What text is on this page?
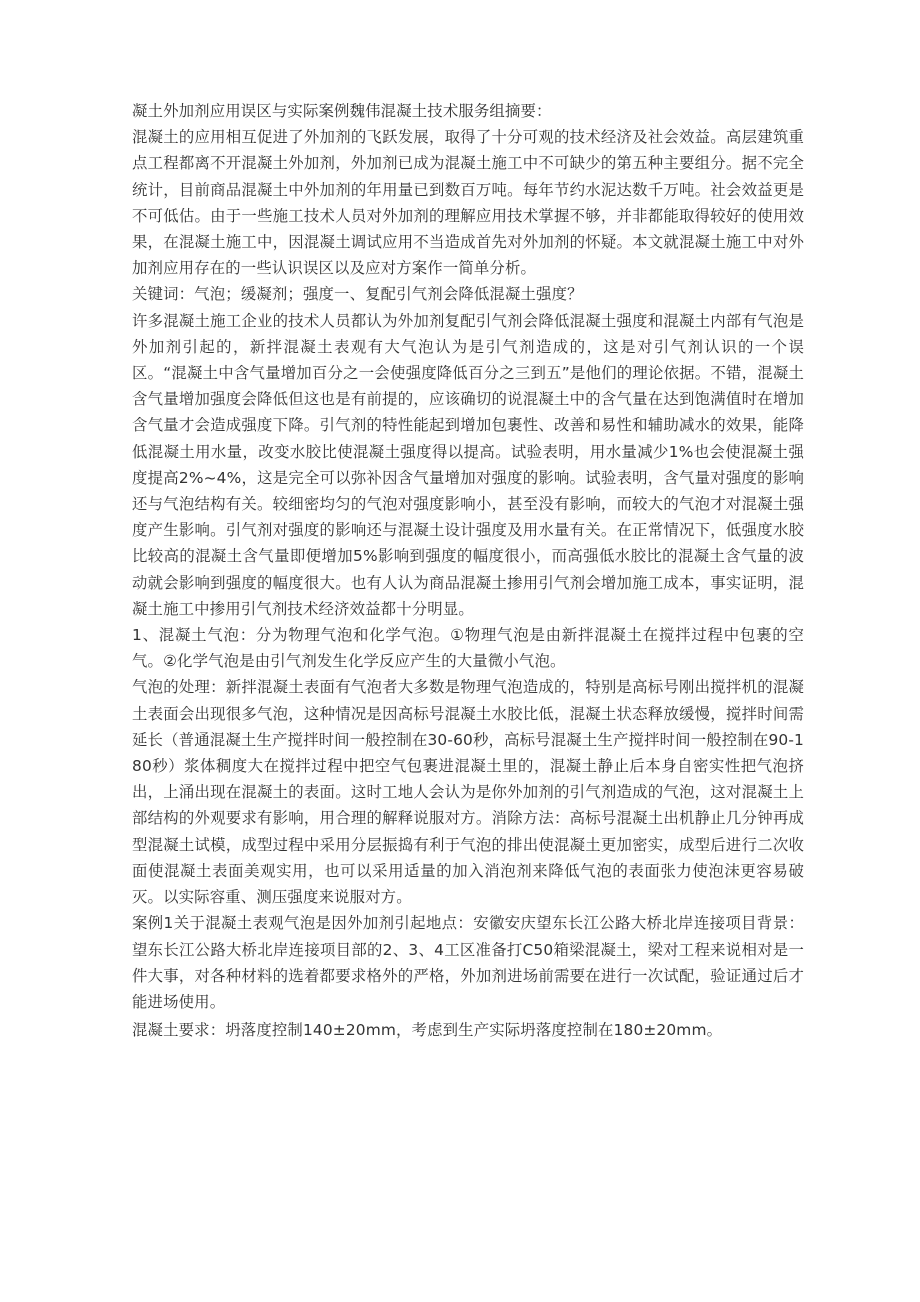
凝土外加剂应用误区与实际案例魏伟混凝土技术服务组摘要：

混凝土的应用相互促进了外加剂的飞跃发展，取得了十分可观的技术经济及社会效益。高层建筑重点工程都离不开混凝土外加剂，外加剂已成为混凝土施工中不可缺少的第五种主要组分。据不完全统计，目前商品混凝土中外加剂的年用量已到数百万吨。每年节约水泥达数千万吨。社会效益更是不可低估。由于一些施工技术人员对外加剂的理解应用技术掌握不够，并非都能取得较好的使用效果，在混凝土施工中，因混凝土调试应用不当造成首先对外加剂的怀疑。本文就混凝土施工中对外加剂应用存在的一些认识误区以及应对方案作一简单分析。

关键词：气泡；缓凝剂；强度一、复配引气剂会降低混凝土强度？

许多混凝土施工企业的技术人员都认为外加剂复配引气剂会降低混凝土强度和混凝土内部有气泡是外加剂引起的，新拌混凝土表观有大气泡认为是引气剂造成的，这是对引气剂认识的一个误区。“混凝土中含气量增加百分之一会使强度降低百分之三到五”是他们的理论依据。不错，混凝土含气量增加强度会降低但这也是有前提的，应该确切的说混凝土中的含气量在达到饱满值时在增加含气量才会造成强度下降。引气剂的特性能起到增加包裹性、改善和易性和辅助减水的效果，能降低混凝土用水量，改变水胶比使混凝土强度得以提高。试验表明，用水量减少1%也会使混凝土强度提高2%~4%，这是完全可以弥补因含气量增加对强度的影响。试验表明，含气量对强度的影响还与气泡结构有关。较细密均匀的气泡对强度影响小，甚至没有影响，而较大的气泡才对混凝土强度产生影响。引气剂对强度的影响还与混凝土设计强度及用水量有关。在正常情况下，低强度水胶比较高的混凝土含气量即便增加5%影响到强度的幅度很小，而高强低水胶比的混凝土含气量的波动就会影响到强度的幅度很大。也有人认为商品混凝土掺用引气剂会增加施工成本，事实证明，混凝土施工中掺用引气剂技术经济效益都十分明显。

1、混凝土气泡：分为物理气泡和化学气泡。①物理气泡是由新拌混凝土在搅拌过程中包裹的空气。②化学气泡是由引气剂发生化学反应产生的大量微小气泡。

气泡的处理：新拌混凝土表面有气泡者大多数是物理气泡造成的，特别是高标号刚出搅拌机的混凝土表面会出现很多气泡，这种情况是因高标号混凝土水胶比低，混凝土状态释放缓慢，搅拌时间需延长（普通混凝土生产搅拌时间一般控制在30-60秒，高标号混凝土生产搅拌时间一般控制在90-180秒）浆体稠度大在搅拌过程中把空气包裹进混凝土里的，混凝土静止后本身自密实性把气泡挤出，上涌出现在混凝土的表面。这时工地人会认为是你外加剂的引气剂造成的气泡，这对混凝土上部结构的外观要求有影响，用合理的解释说服对方。消除方法：高标号混凝土出机静止几分钟再成型混凝土试模，成型过程中采用分层振捣有利于气泡的排出使混凝土更加密实，成型后进行二次收面使混凝土表面美观实用，也可以采用适量的加入消泡剂来降低气泡的表面张力使泡沫更容易破灭。以实际容重、测压强度来说服对方。

案例1关于混凝土表观气泡是因外加剂引起地点：安徽安庆望东长江公路大桥北岸连接项目背景：望东长江公路大桥北岸连接项目部的2、3、4工区准备打C50箱梁混凝土，梁对工程来说相对是一件大事，对各种材料的选着都要求格外的严格，外加剂进场前需要在进行一次试配，验证通过后才能进场使用。

混凝土要求：坍落度控制140±20mm，考虑到生产实际坍落度控制在180±20mm。
